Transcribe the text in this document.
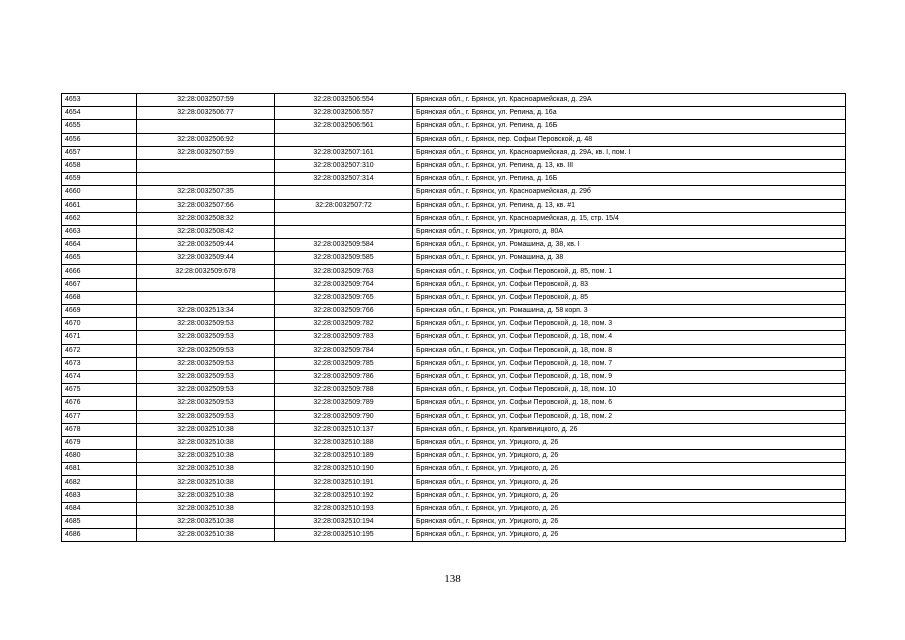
4653	32:28:0032507:59	32:28:0032506:554	Брянская обл., г. Брянск, ул. Красноармейская, д. 29А
4654	32:28:0032506:77	32:28:0032506:557	Брянская обл., г. Брянск, ул. Репина, д. 16а
4655		32:28:0032506:561	Брянская обл., г. Брянск, ул. Репина, д. 16Б
4656	32:28:0032506:92		Брянская обл., г. Брянск, пер. Софьи Перовской, д. 48
4657	32:28:0032507:59	32:28:0032507:161	Брянская обл., г. Брянск, ул. Красноармейская, д. 29А, кв. I, пом. I
4658		32:28:0032507:310	Брянская обл., г. Брянск, ул. Репина, д. 13, кв. III
4659		32:28:0032507:314	Брянская обл., г. Брянск, ул. Репина, д. 16Б
4660	32:28:0032507:35		Брянская обл., г. Брянск, ул. Красноармейская, д. 29б
4661	32:28:0032507:66	32:28:0032507:72	Брянская обл., г. Брянск, ул. Репина, д. 13, кв. #1
4662	32:28:0032508:32		Брянская обл., г. Брянск, ул. Красноармейская, д. 15, стр. 15/4
4663	32:28:0032508:42		Брянская обл., г. Брянск, ул. Урицкого, д. 80А
4664	32:28:0032509:44	32:28:0032509:584	Брянская обл., г. Брянск, ул. Ромашина, д. 38, кв. I
4665	32:28:0032509:44	32:28:0032509:585	Брянская обл., г. Брянск, ул. Ромашина, д. 38
4666	32:28:0032509:678	32:28:0032509:763	Брянская обл., г. Брянск, ул. Софьи Перовской, д. 85, пом. 1
4667		32:28:0032509:764	Брянская обл., г. Брянск, ул. Софьи Перовской, д. 83
4668		32:28:0032509:765	Брянская обл., г. Брянск, ул. Софьи Перовской, д. 85
4669	32:28:0032513:34	32:28:0032509:766	Брянская обл., г. Брянск, ул. Ромашина, д. 58 корп. 3
4670	32:28:0032509:53	32:28:0032509:782	Брянская обл., г. Брянск, ул. Софьи Перовской, д. 18, пом. 3
4671	32:28:0032509:53	32:28:0032509:783	Брянская обл., г. Брянск, ул. Софьи Перовской, д. 18, пом. 4
4672	32:28:0032509:53	32:28:0032509:784	Брянская обл., г. Брянск, ул. Софьи Перовской, д. 18, пом. 8
4673	32:28:0032509:53	32:28:0032509:785	Брянская обл., г. Брянск, ул. Софьи Перовской, д. 18, пом. 7
4674	32:28:0032509:53	32:28:0032509:786	Брянская обл., г. Брянск, ул. Софьи Перовской, д. 18, пом. 9
4675	32:28:0032509:53	32:28:0032509:788	Брянская обл., г. Брянск, ул. Софьи Перовской, д. 18, пом. 10
4676	32:28:0032509:53	32:28:0032509:789	Брянская обл., г. Брянск, ул. Софьи Перовской, д. 18, пом. 6
4677	32:28:0032509:53	32:28:0032509:790	Брянская обл., г. Брянск, ул. Софьи Перовской, д. 18, пом. 2
4678	32:28:0032510:38	32:28:0032510:137	Брянская обл., г. Брянск, ул. Крапивницкого, д. 26
4679	32:28:0032510:38	32:28:0032510:188	Брянская обл., г. Брянск, ул. Урицкого, д. 26
4680	32:28:0032510:38	32:28:0032510:189	Брянская обл., г. Брянск, ул. Урицкого, д. 26
4681	32:28:0032510:38	32:28:0032510:190	Брянская обл., г. Брянск, ул. Урицкого, д. 26
4682	32:28:0032510:38	32:28:0032510:191	Брянская обл., г. Брянск, ул. Урицкого, д. 26
4683	32:28:0032510:38	32:28:0032510:192	Брянская обл., г. Брянск, ул. Урицкого, д. 26
4684	32:28:0032510:38	32:28:0032510:193	Брянская обл., г. Брянск, ул. Урицкого, д. 26
4685	32:28:0032510:38	32:28:0032510:194	Брянская обл., г. Брянск, ул. Урицкого, д. 26
4686	32:28:0032510:38	32:28:0032510:195	Брянская обл., г. Брянск, ул. Урицкого, д. 26
138
